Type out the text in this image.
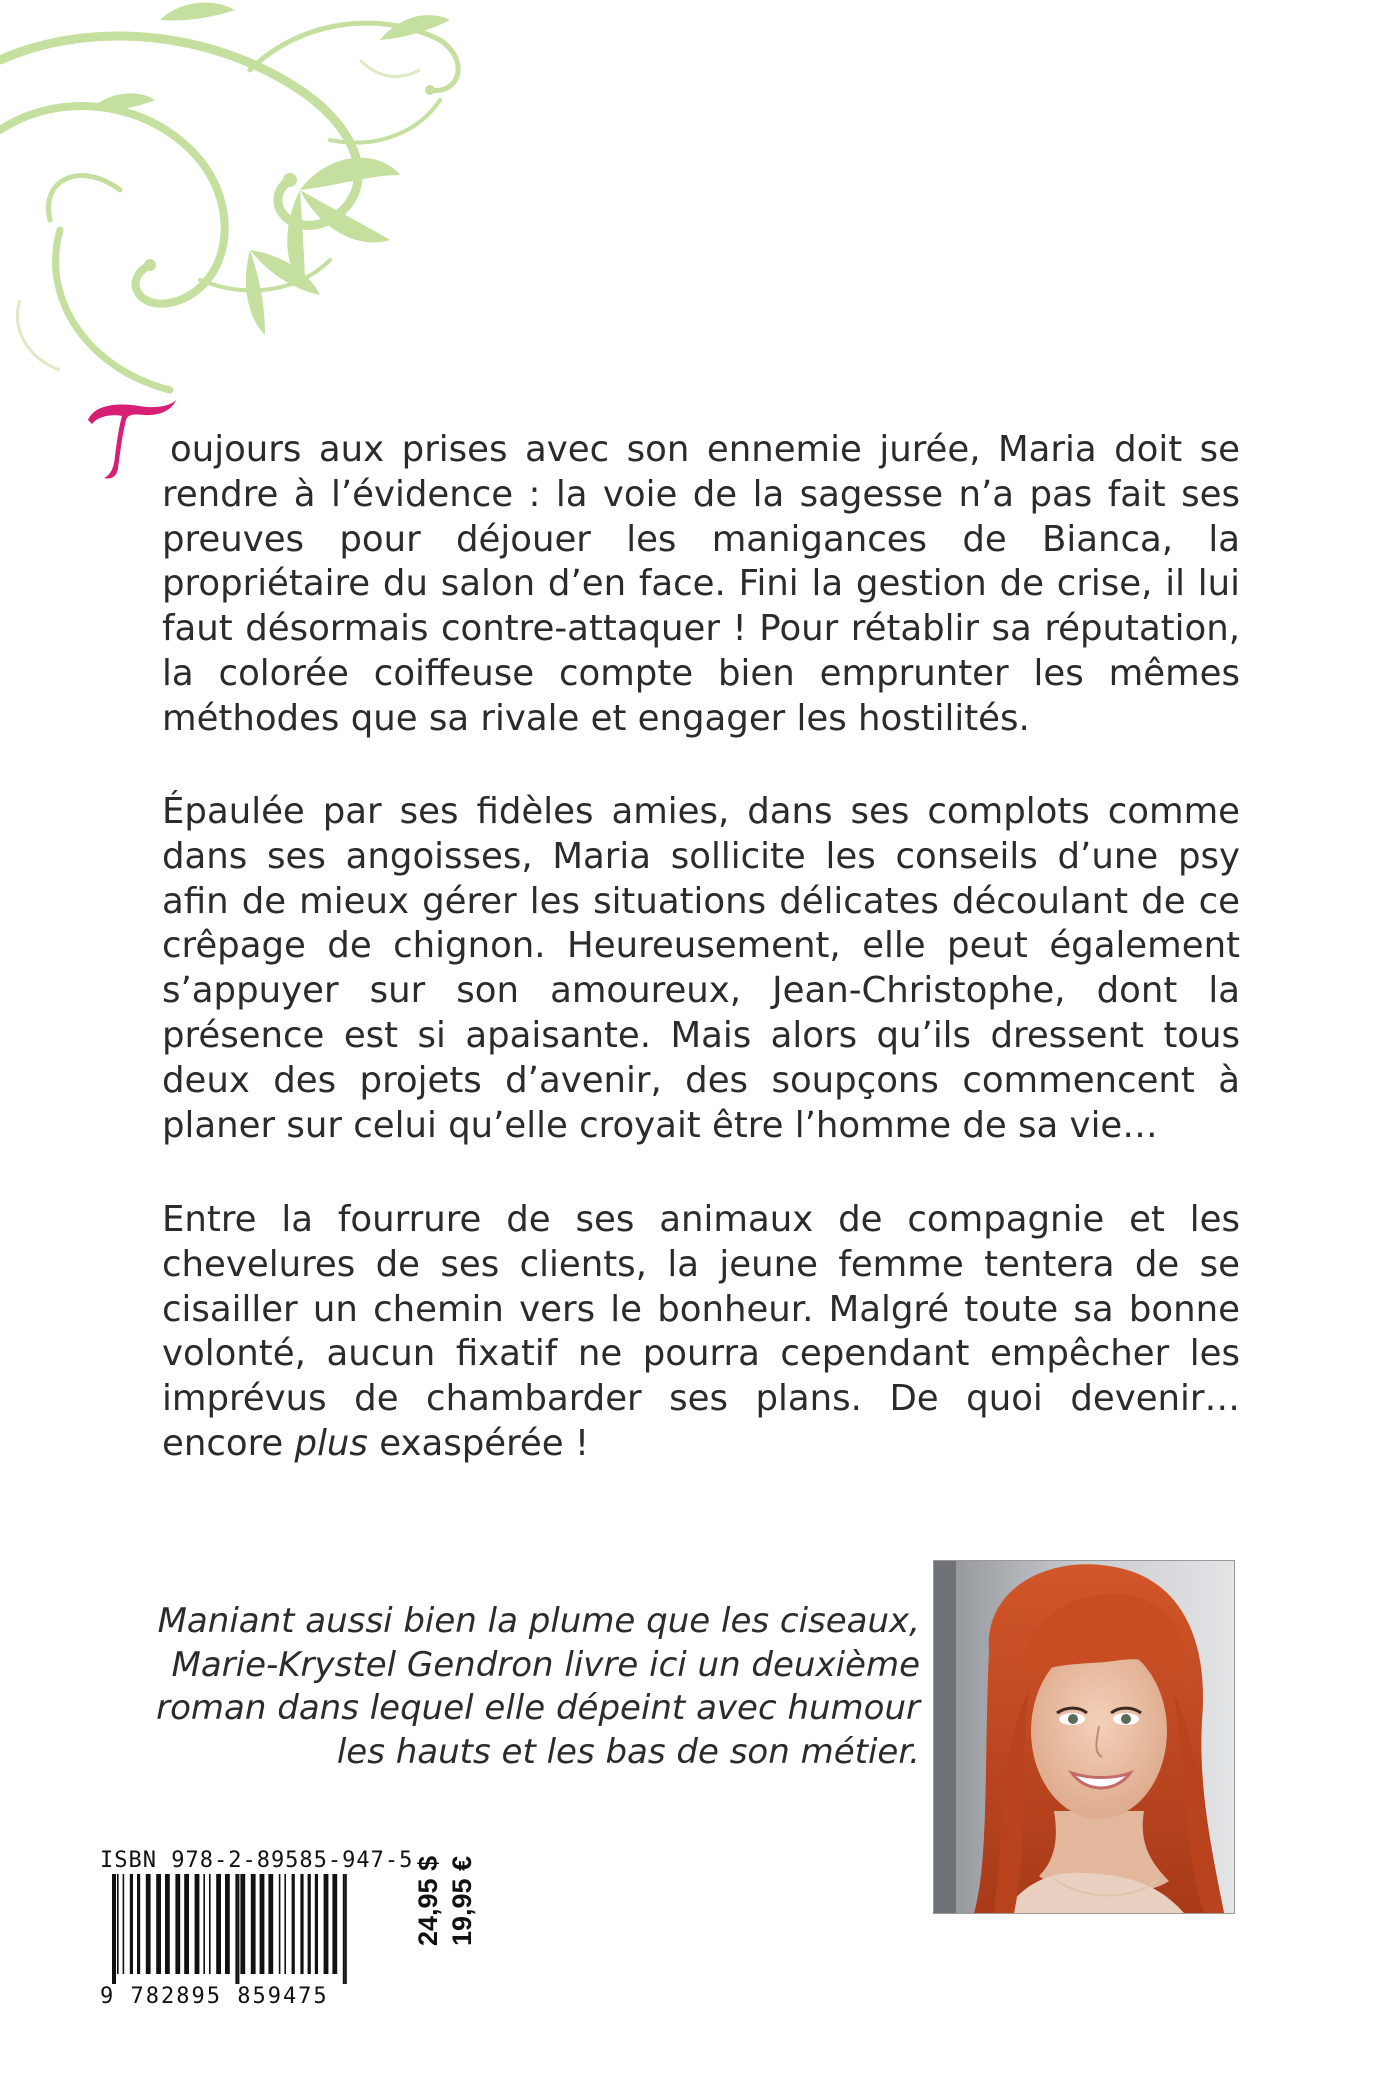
T oujours aux prises avec son ennemie jurée, Maria doit se rendre à l’évidence : la voie de la sagesse n’a pas fait ses preuves pour déjouer les manigances de Bianca, la propriétaire du salon d’en face. Fini la gestion de crise, il lui faut désormais contre-attaquer ! Pour rétablir sa réputation, la colorée coiffeuse compte bien emprunter les mêmes méthodes que sa rivale et engager les hostilités.

Épaulée par ses fidèles amies, dans ses complots comme dans ses angoisses, Maria sollicite les conseils d’une psy afin de mieux gérer les situations délicates découlant de ce crêpage de chignon. Heureusement, elle peut également s’appuyer sur son amoureux, Jean-Christophe, dont la présence est si apaisante. Mais alors qu’ils dressent tous deux des projets d’avenir, des soupçons commencent à planer sur celui qu’elle croyait être l’homme de sa vie…

Entre la fourrure de ses animaux de compagnie et les chevelures de ses clients, la jeune femme tentera de se cisailler un chemin vers le bonheur. Malgré toute sa bonne volonté, aucun fixatif ne pourra cependant empêcher les imprévus de chambarder ses plans. De quoi devenir… encore plus exaspérée !

Maniant aussi bien la plume que les ciseaux, Marie-Krystel Gendron livre ici un deuxième roman dans lequel elle dépeint avec humour les hauts et les bas de son métier.

ISBN 978-2-89585-947-5
9 782895 859475
24,95 $ 19,95 €
